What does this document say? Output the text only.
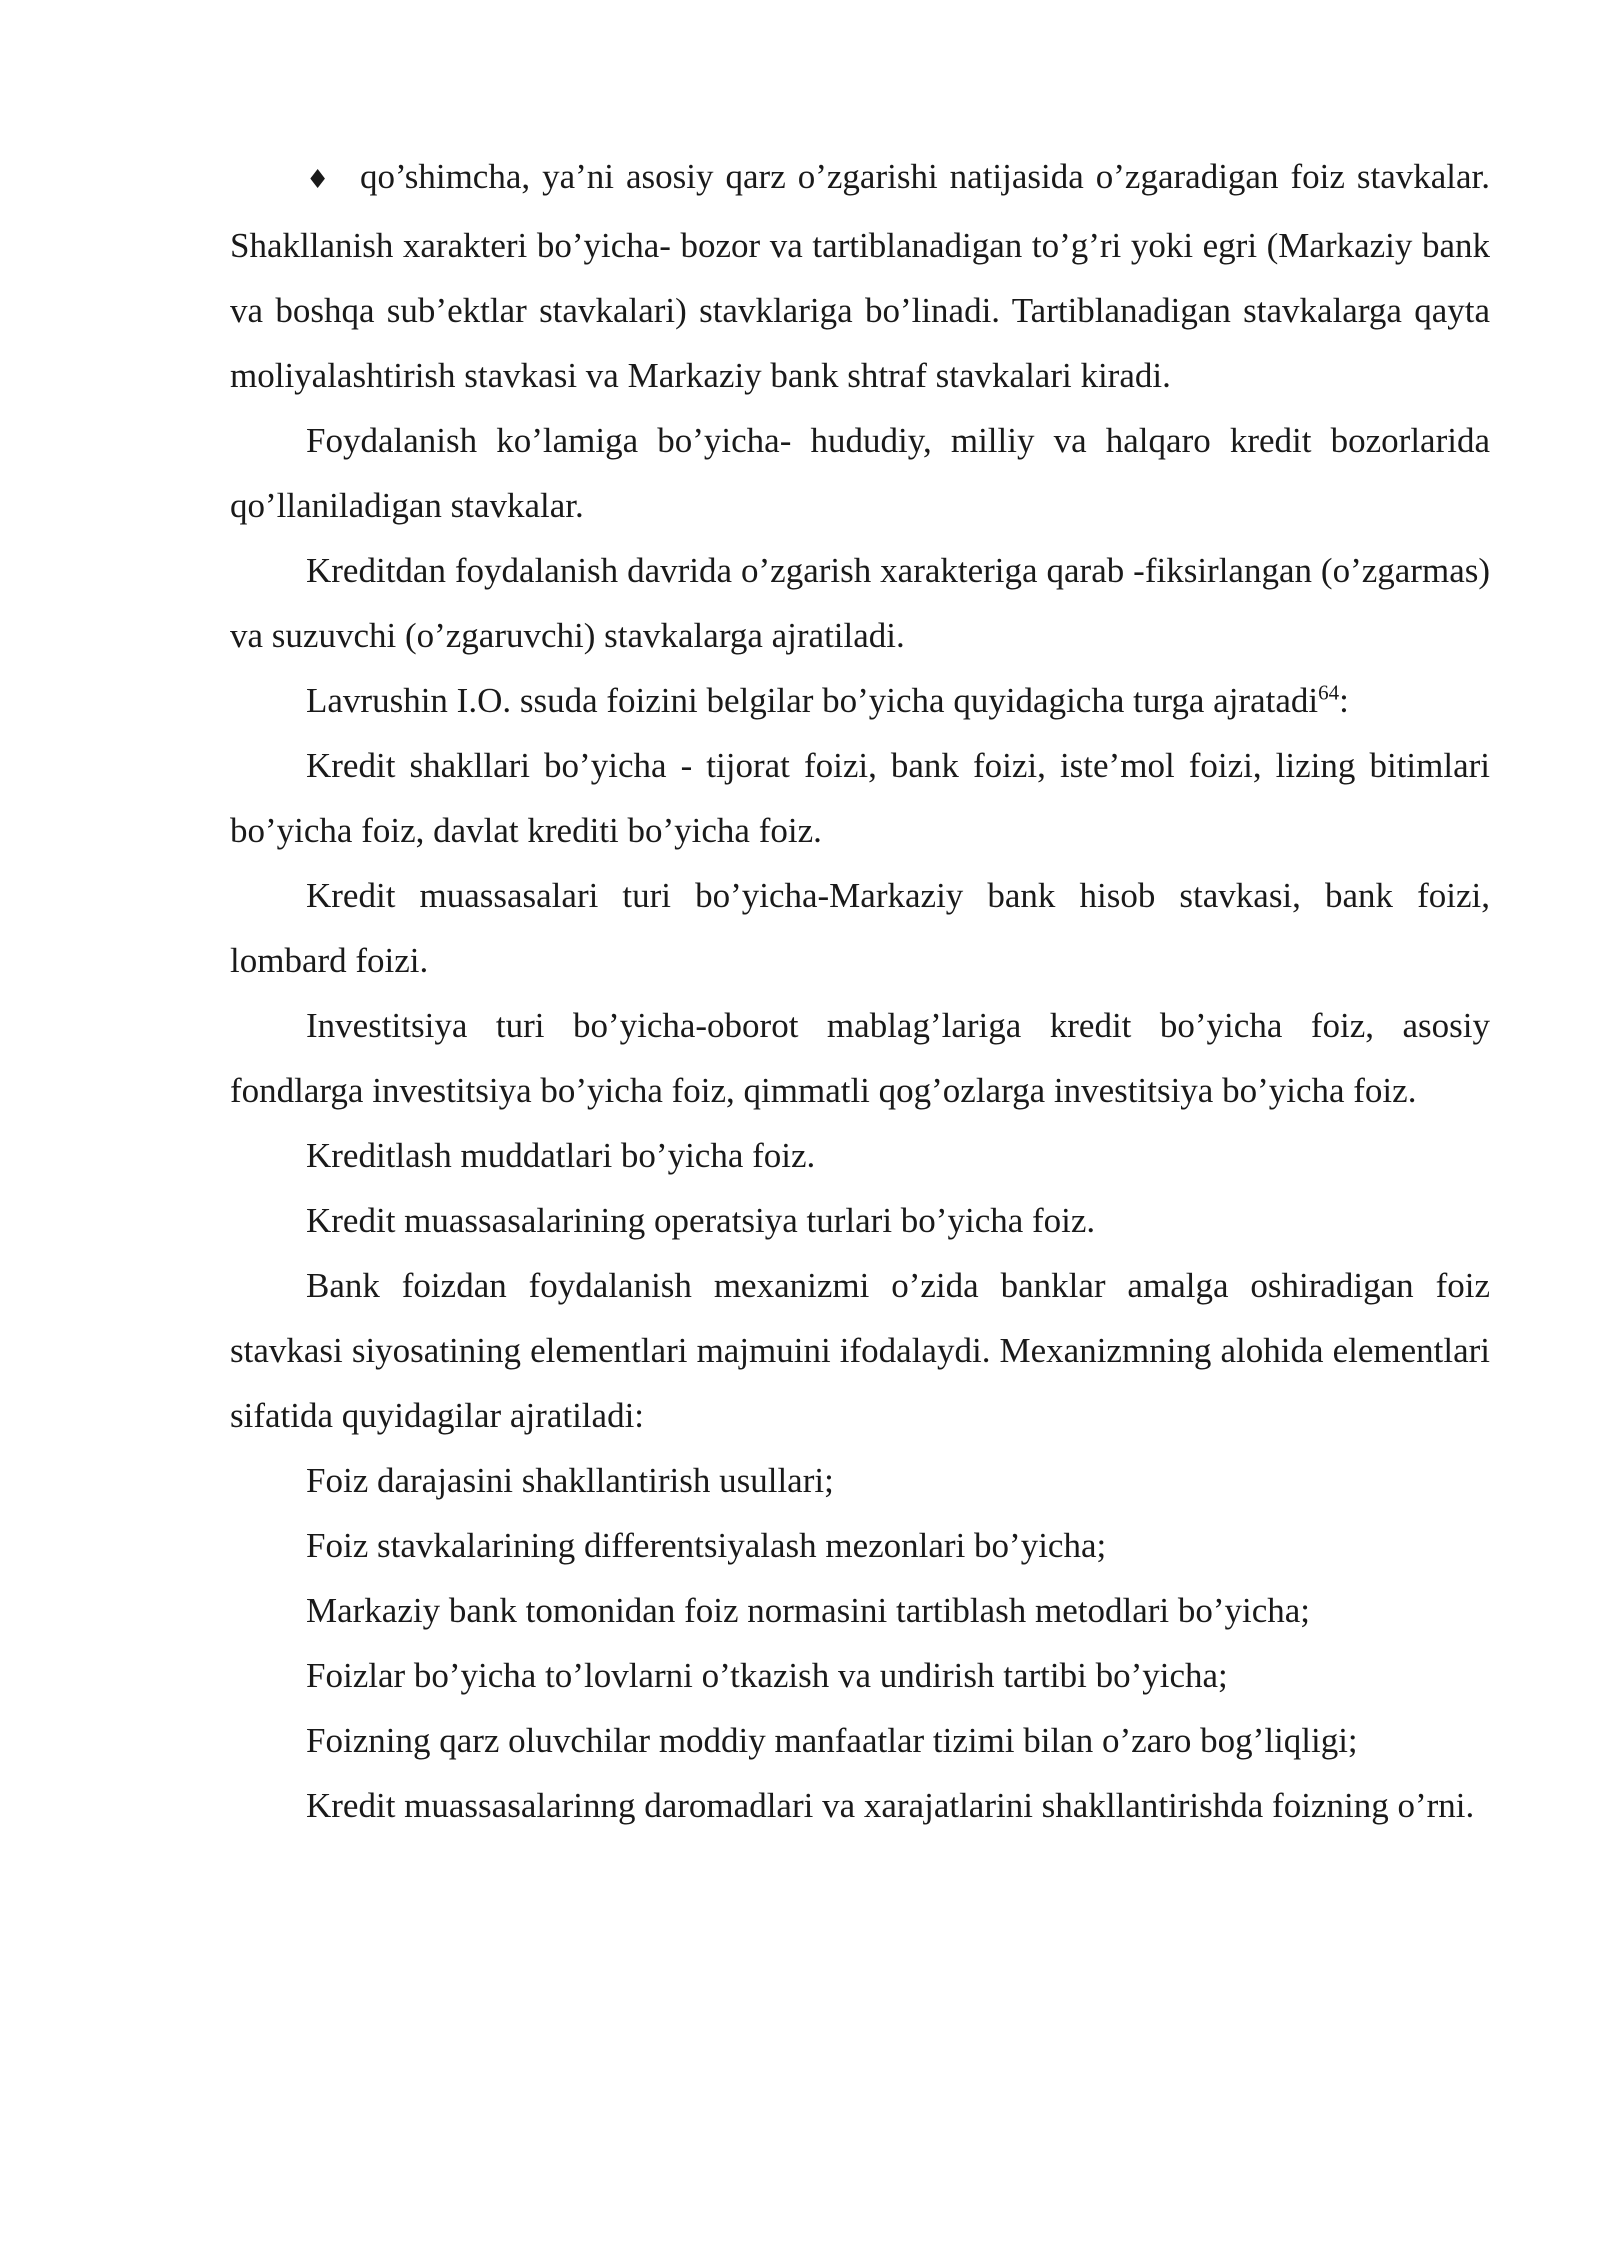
♦ qo’shimcha, ya’ni asosiy qarz o’zgarishi natijasida o’zgaradigan foiz stavkalar. Shakllanish xarakteri bo’yicha- bozor va tartiblanadigan to’g’ri yoki egri (Markaziy bank va boshqa sub’ektlar stavkalari) stavklariga bo’linadi. Tartiblanadigan stavkalarga qayta moliyalashtirish stavkasi va Markaziy bank shtraf stavkalari kiradi.

Foydalanish ko’lamiga bo’yicha- hududiy, milliy va halqaro kredit bozorlarida qo’llaniladigan stavkalar.

Kreditdan foydalanish davrida o’zgarish xarakteriga qarab -fiksirlangan (o’zgarmas) va suzuvchi (o’zgaruvchi) stavkalarga ajratiladi.

Lavrushin I.O. ssuda foizini belgilar bo’yicha quyidagicha turga ajratadi$^{64}$:

Kredit shakllari bo’yicha - tijorat foizi, bank foizi, iste’mol foizi, lizing bitimlari bo’yicha foiz, davlat krediti bo’yicha foiz.

Kredit muassasalari turi bo’yicha-Markaziy bank hisob stavkasi, bank foizi, lombard foizi.

Investitsiya turi bo’yicha-oborot mablag’lariga kredit bo’yicha foiz, asosiy fondlarga investitsiya bo’yicha foiz, qimmatli qog’ozlarga investitsiya bo’yicha foiz.

Kreditlash muddatlari bo’yicha foiz.

Kredit muassasalarining operatsiya turlari bo’yicha foiz.

Bank foizdan foydalanish mexanizmi o’zida banklar amalga oshiradigan foiz stavkasi siyosatining elementlari majmuini ifodalaydi. Mexanizmning alohida elementlari sifatida quyidagilar ajratiladi:

Foiz darajasini shakllantirish usullari;

Foiz stavkalarining differentsiyalash mezonlari bo’yicha;

Markaziy bank tomonidan foiz normasini tartiblash metodlari bo’yicha;

Foizlar bo’yicha to’lovlarni o’tkazish va undirish tartibi bo’yicha;

Foizning qarz oluvchilar moddiy manfaatlar tizimi bilan o’zaro bog’liqligi;

Kredit muassasalarinng daromadlari va xarajatlarini shakllantirishda foizning o’rni.
